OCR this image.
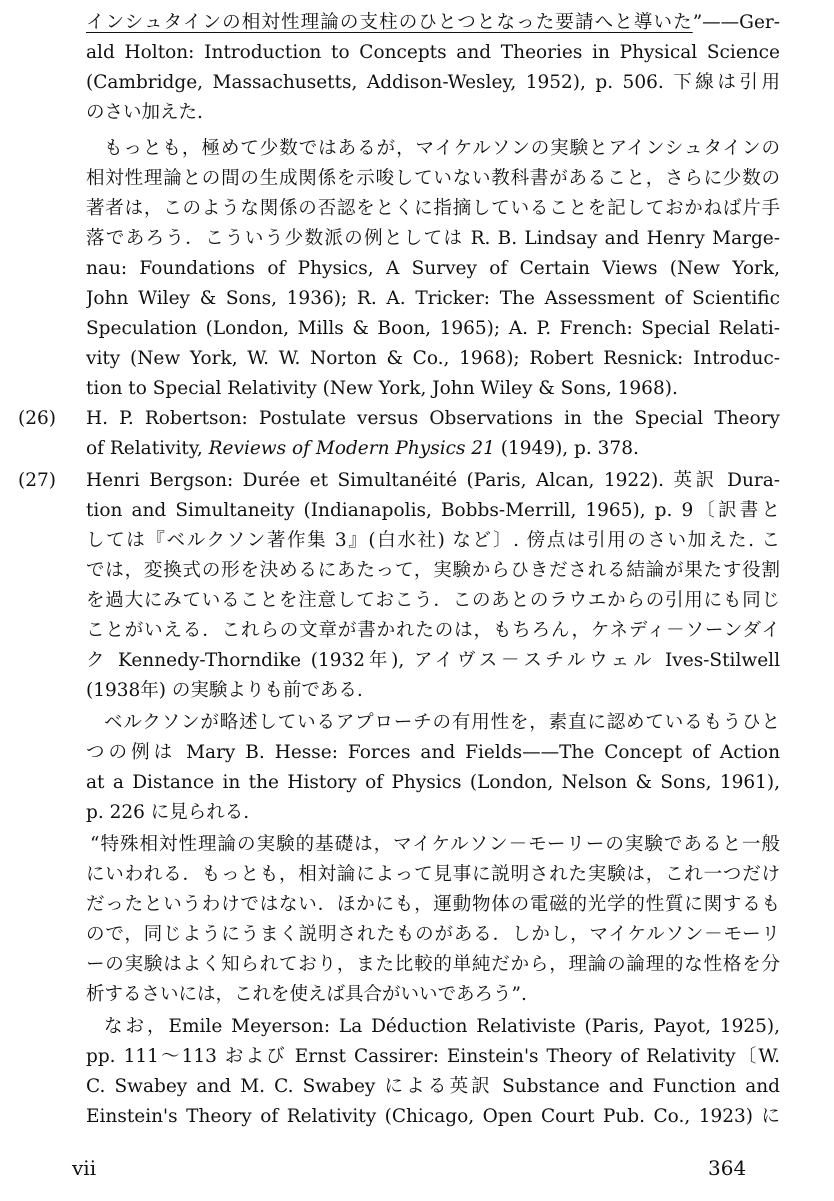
インシュタインの相対性理論の支柱のひとつとなった要請へと導いた”——Ger-
ald Holton: Introduction to Concepts and Theories in Physical Science
(Cambridge, Massachusetts, Addison-Wesley, 1952), p. 506. 下線は引用
のさい加えた.
もっとも，極めて少数ではあるが，マイケルソンの実験とアインシュタインの
相対性理論との間の生成関係を示唆していない教科書があること，さらに少数の
著者は，このような関係の否認をとくに指摘していることを記しておかねば片手
落であろう．こういう少数派の例としては R. B. Lindsay and Henry Marge-
nau: Foundations of Physics, A Survey of Certain Views (New York,
John Wiley & Sons, 1936); R. A. Tricker: The Assessment of Scientific
Speculation (London, Mills & Boon, 1965); A. P. French: Special Relati-
vity (New York, W. W. Norton & Co., 1968); Robert Resnick: Introduc-
tion to Special Relativity (New York, John Wiley & Sons, 1968).
(26) H. P. Robertson: Postulate versus Observations in the Special Theory
of Relativity, Reviews of Modern Physics 21 (1949), p. 378.
(27) Henri Bergson: Durée et Simultanéité (Paris, Alcan, 1922). 英訳 Dura-
tion and Simultaneity (Indianapolis, Bobbs-Merrill, 1965), p. 9〔訳書と
しては『ベルクソン著作集 3』(白水社) など〕. 傍点は引用のさい加えた. こ
では，変換式の形を決めるにあたって，実験からひきだされる結論が果たす役割
を過大にみていることを注意しておこう．このあとのラウエからの引用にも同じ
ことがいえる．これらの文章が書かれたのは，もちろん，ケネディ－ソーンダイ
ク Kennedy-Thorndike (1932年), アイヴス－スチルウェル Ives-Stilwell
(1938年) の実験よりも前である.
ベルクソンが略述しているアプローチの有用性を，素直に認めているもうひと
つの例は Mary B. Hesse: Forces and Fields——The Concept of Action
at a Distance in the History of Physics (London, Nelson & Sons, 1961),
p. 226 に見られる.
“特殊相対性理論の実験的基礎は，マイケルソン－モーリーの実験であると一般
にいわれる．もっとも，相対論によって見事に説明された実験は，これ一つだけ
だったというわけではない．ほかにも，運動物体の電磁的光学的性質に関するも
ので，同じようにうまく説明されたものがある．しかし，マイケルソン－モーリ
ーの実験はよく知られており，また比較的単純だから，理論の論理的な性格を分
析するさいには，これを使えば具合がいいであろう”.
なお，Emile Meyerson: La Déduction Relativiste (Paris, Payot, 1925),
pp. 111～113 および Ernst Cassirer: Einstein's Theory of Relativity〔W.
C. Swabey and M. C. Swabey による英訳 Substance and Function and
Einstein's Theory of Relativity (Chicago, Open Court Pub. Co., 1923) に
vii	364
